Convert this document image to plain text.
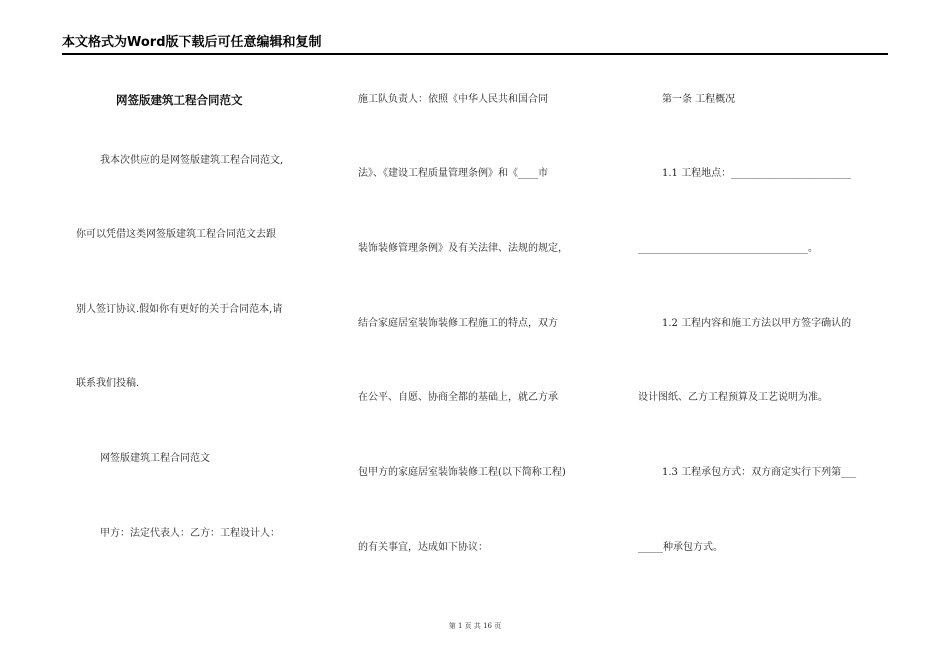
本文格式为Word版下载后可任意编辑和复制
网签版建筑工程合同范文
我本次供应的是网签版建筑工程合同范文,
你可以凭借这类网签版建筑工程合同范文去跟
别人签订协议.假如你有更好的关于合同范本,请
联系我们投稿.
网签版建筑工程合同范文
甲方：法定代表人：乙方：工程设计人：
施工队负责人：依照《中华人民共和国合同
法》、《建设工程质量管理条例》和《____市
装饰装修管理条例》及有关法律、法规的规定，
结合家庭居室装饰装修工程施工的特点，双方
在公平、自愿、协商全都的基础上，就乙方承
包甲方的家庭居室装饰装修工程(以下简称工程)
的有关事宜，达成如下协议：
第一条 工程概况
1.1 工程地点：________________________
__________________________________。
1.2 工程内容和施工方法以甲方签字确认的
设计图纸、乙方工程预算及工艺说明为准。
1.3 工程承包方式：双方商定实行下列第___
_____种承包方式。
第 1 页 共 16 页
